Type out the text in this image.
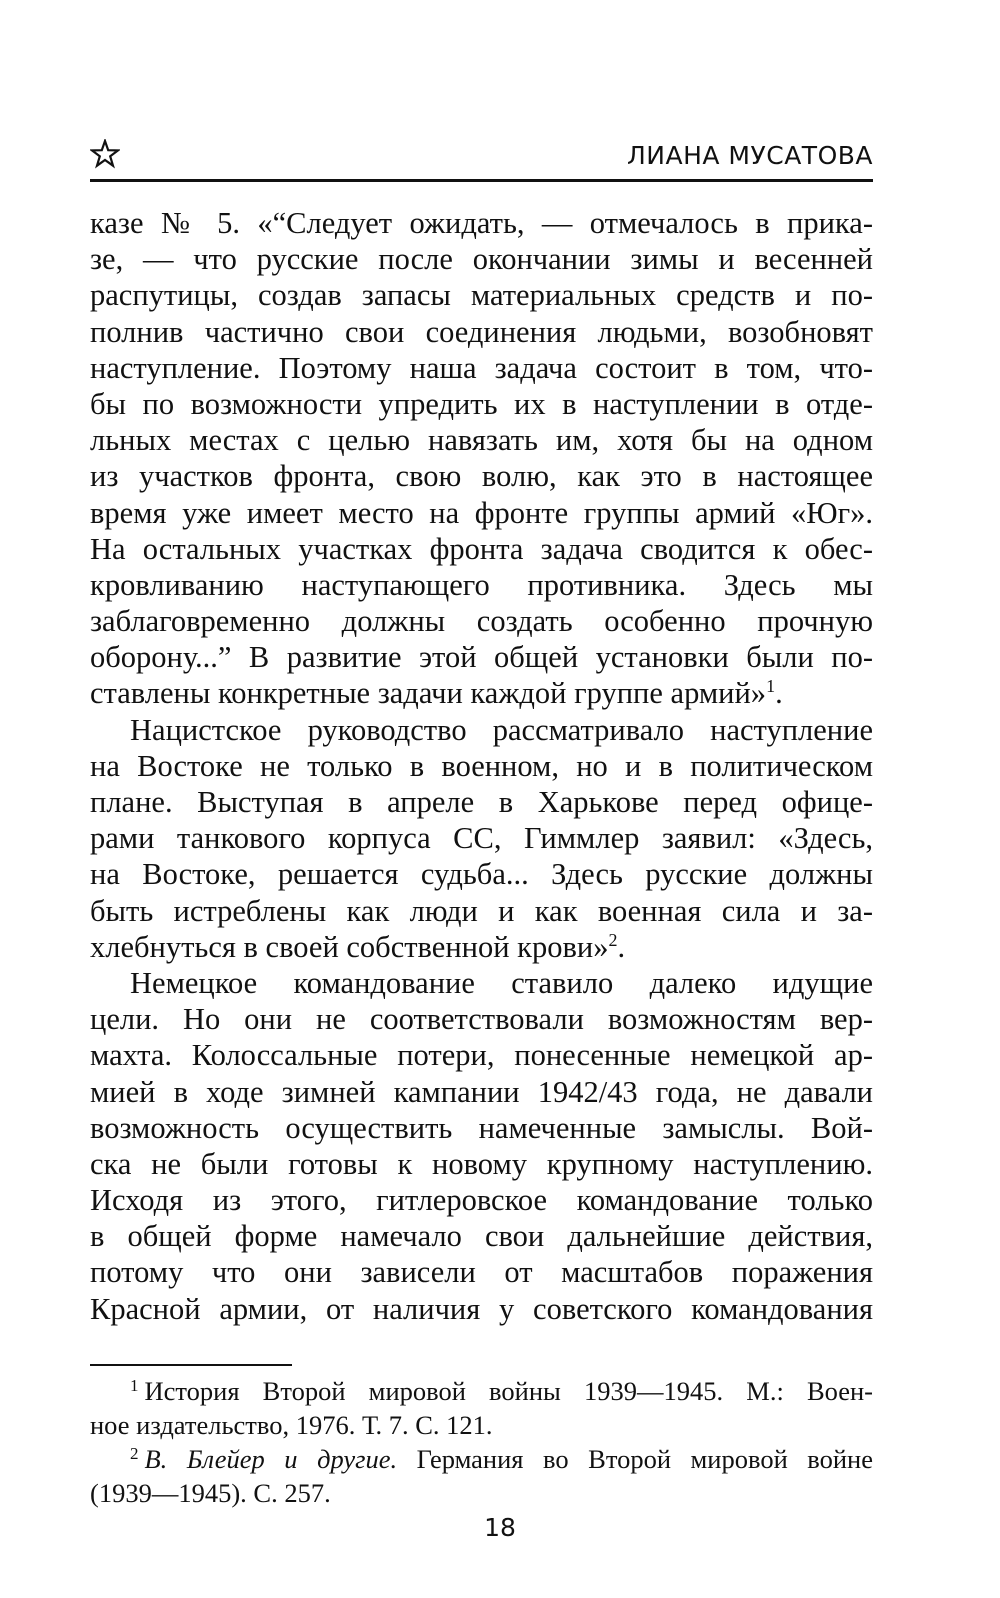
ЛИАНА МУСАТОВА
казе № 5. «“Следует ожидать, — отмечалось в прика-
зе, — что русские после окончании зимы и весенней
распутицы, создав запасы материальных средств и по-
полнив частично свои соединения людьми, возобновят
наступление. Поэтому наша задача состоит в том, что-
бы по возможности упредить их в наступлении в отде-
льных местах с целью навязать им, хотя бы на одном
из участков фронта, свою волю, как это в настоящее
время уже имеет место на фронте группы армий «Юг».
На остальных участках фронта задача сводится к обес-
кровливанию наступающего противника. Здесь мы
заблаговременно должны создать особенно прочную
оборону...” В развитие этой общей установки были по-
ставлены конкретные задачи каждой группе армий»$^1$.
Нацистское руководство рассматривало наступление
на Востоке не только в военном, но и в политическом
плане. Выступая в апреле в Харькове перед офице-
рами танкового корпуса СС, Гиммлер заявил: «Здесь,
на Востоке, решается судьба... Здесь русские должны
быть истреблены как люди и как военная сила и за-
хлебнуться в своей собственной крови»$^2$.
Немецкое командование ставило далеко идущие
цели. Но они не соответствовали возможностям вер-
махта. Колоссальные потери, понесенные немецкой ар-
мией в ходе зимней кампании 1942/43 года, не давали
возможность осуществить намеченные замыслы. Вой-
ска не были готовы к новому крупному наступлению.
Исходя из этого, гитлеровское командование только
в общей форме намечало свои дальнейшие действия,
потому что они зависели от масштабов поражения
Красной армии, от наличия у советского командования
$^1$ История Второй мировой войны 1939—1945. М.: Воен-
ное издательство, 1976. Т. 7. С. 121.
$^2$ В. Блейер и другие. Германия во Второй мировой войне
(1939—1945). С. 257.
18
